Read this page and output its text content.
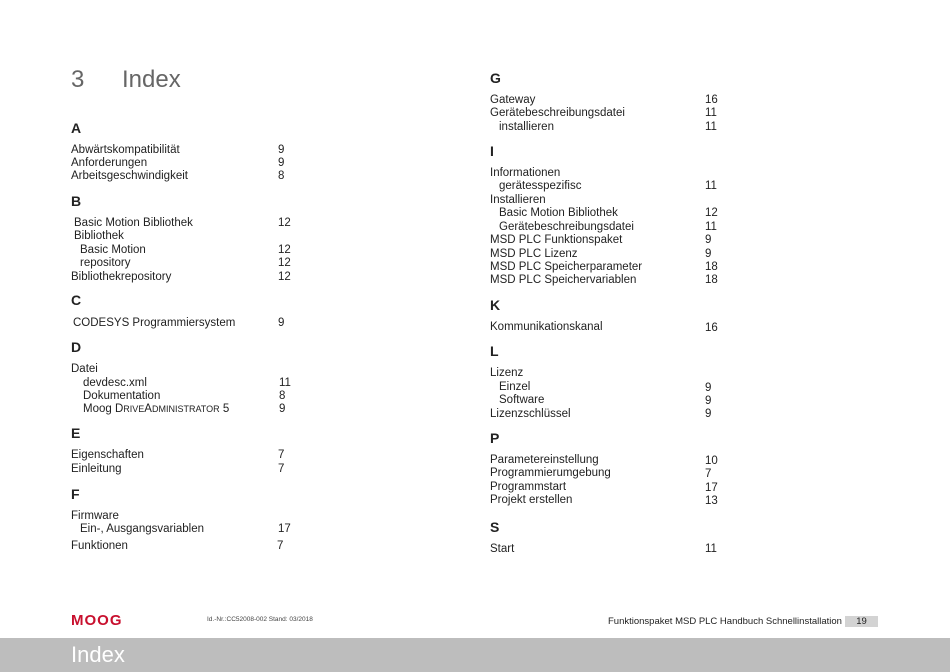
3 Index
A
Abwärtskompatibilität	9
Anforderungen	9
Arbeitsgeschwindigkeit	8
B
Basic Motion Bibliothek	12
Bibliothek
Basic Motion	12
repository	12
Bibliothekrepository	12
C
CODESYS Programmiersystem	9
D
Datei
devdesc.xml	11
Dokumentation	8
Moog DRIVEADMINISTRATOR 5	9
E
Eigenschaften	7
Einleitung	7
F
Firmware
Ein-, Ausgangsvariablen	17
Funktionen	7
G
Gateway	16
Gerätebeschreibungsdatei	11
installieren	11
I
Informationen
gerätesspezifisc	11
Installieren
Basic Motion Bibliothek	12
Gerätebeschreibungsdatei	11
MSD PLC Funktionspaket	9
MSD PLC Lizenz	9
MSD PLC Speicherparameter	18
MSD PLC Speichervariablen	18
K
Kommunikationskanal	16
L
Lizenz
Einzel	9
Software	9
Lizenzschlüssel	9
P
Parametereinstellung	10
Programmierumgebung	7
Programmstart	17
Projekt erstellen	13
S
Start	11
MOOG	Id.-Nr.:CC52008-002 Stand: 03/2018	Funktionspaket MSD PLC Handbuch Schnellinstallation	19
Index
